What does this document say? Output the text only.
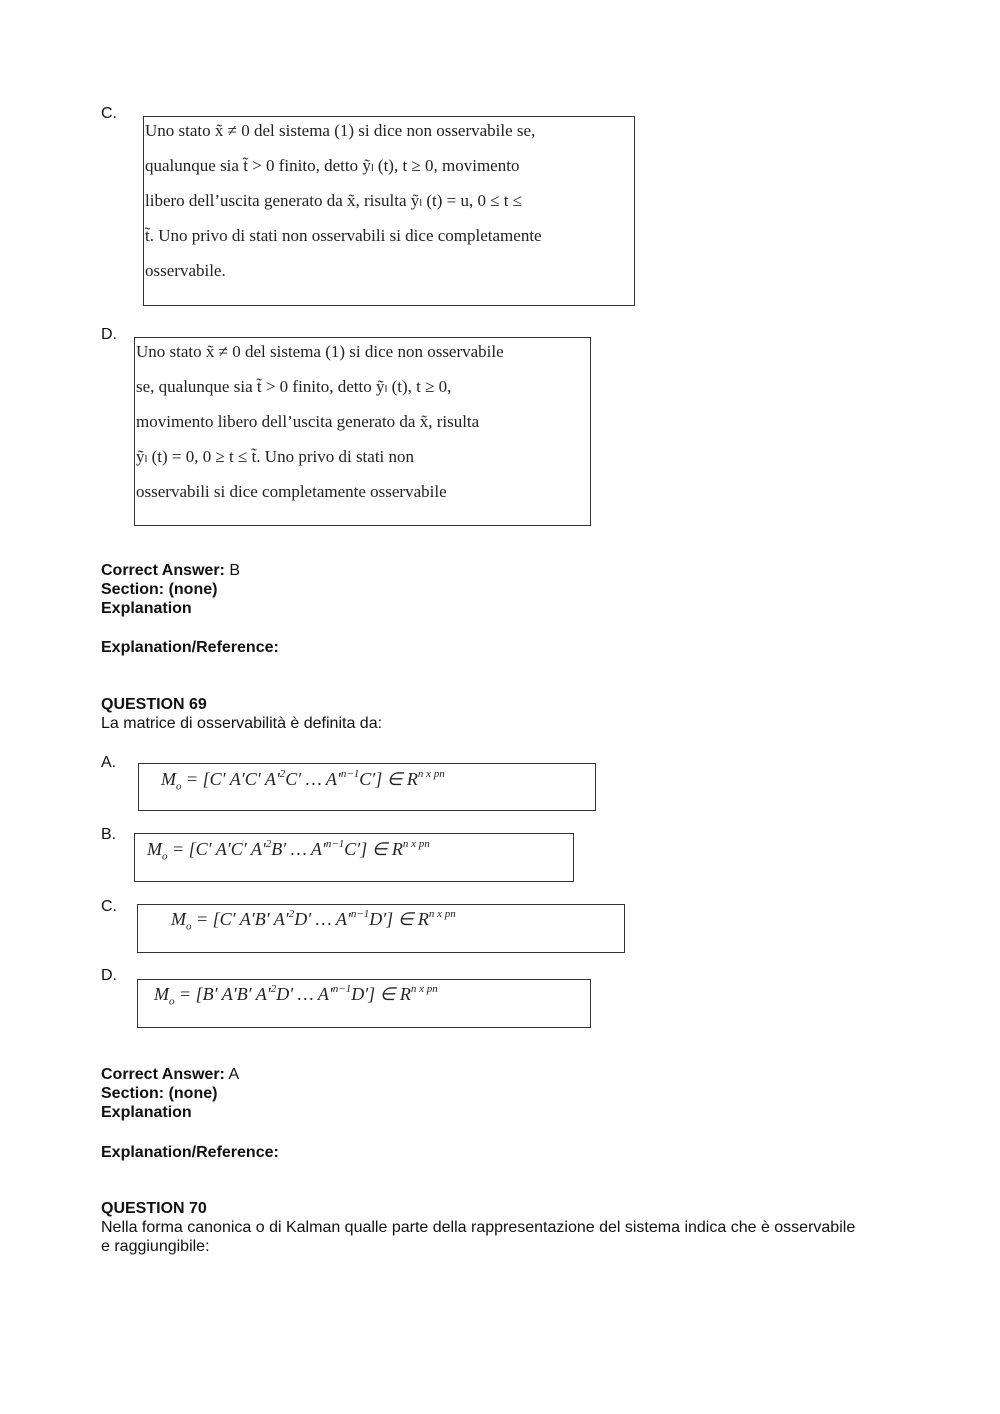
C.
Uno stato x̃ ≠ 0 del sistema (1) si dice non osservabile se,
qualunque sia t̃ > 0 finito, detto ỹₗ (t), t ≥ 0, movimento
libero dell’uscita generato da x̃, risulta ỹₗ (t) = u, 0 ≤ t ≤
t̃. Uno privo di stati non osservabili si dice completamente
osservabile.
D.
Uno stato x̃ ≠ 0 del sistema (1) si dice non osservabile
se, qualunque sia t̃ > 0 finito, detto ỹₗ (t), t ≥ 0,
movimento libero dell’uscita generato da x̃, risulta
ỹₗ (t) = 0, 0 ≥ t ≤ t̃. Uno privo di stati non
osservabili si dice completamente osservabile
Correct Answer: B
Section: (none)
Explanation
Explanation/Reference:
QUESTION 69
La matrice di osservabilità è definita da:
A.
$M_o = [C'$ A′C′ $A'^2C'$ … $A'^{n-1}C'$] ∈ $R^{n x pn}$
B.
$M_o = [C'$ A′C′ $A'^2B'$ … $A'^{n-1}C'$] ∈ $R^{n x pn}$
C.
$M_o = [C'$ A′B′ $A'^2D'$ … $A'^{n-1}D'$] ∈ $R^{n x pn}$
D.
$M_o = [B'$ A′B′ $A'^2D'$ … $A'^{n-1}D'$] ∈ $R^{n x pn}$
Correct Answer: A
Section: (none)
Explanation
Explanation/Reference:
QUESTION 70
Nella forma canonica o di Kalman qualle parte della rappresentazione del sistema indica che è osservabile
e raggiungibile:
